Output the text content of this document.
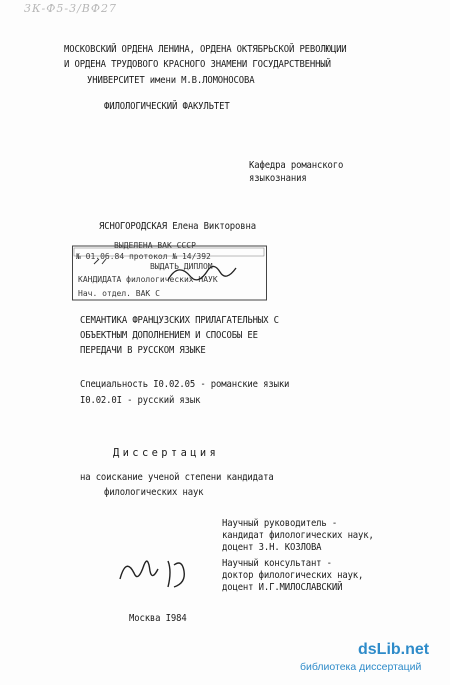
3К-Ф5-3/ВФ27
МОСКОВСКИЙ ОРДЕНА ЛЕНИНА, ОРДЕНА ОКТЯБРЬСКОЙ РЕВОЛЮЦИИ
И ОРДЕНА ТРУДОВОГО КРАСНОГО ЗНАМЕНИ ГОСУДАРСТВЕННЫЙ
УНИВЕРСИТЕТ имени М.В.ЛОМОНОСОВА
ФИЛОЛОГИЧЕСКИЙ ФАКУЛЬТЕТ
Кафедра романского
языкознания
ЯСНОГОРОДСКАЯ Елена Викторовна
ВЫДЕЛЕНА ВАК СССР
№ 01.06.84 протокол № 14/392
ВЫДАТЬ ДИПЛОМ
КАНДИДАТА филологических НАУК
Нач. отдел. ВАК С
СЕМАНТИКА ФРАНЦУЗСКИХ ПРИЛАГАТЕЛЬНЫХ С
ОБЪЕКТНЫМ ДОПОЛНЕНИЕМ И СПОСОБЫ ЕЕ
ПЕРЕДАЧИ В РУССКОМ ЯЗЫКЕ
Специальность I0.02.05 - романские языки
I0.02.0I - русский язык
Диссертация
на соискание ученой степени кандидата
филологических наук
Научный руководитель -
кандидат филологических наук,
доцент З.Н. КОЗЛОВА
Научный консультант -
доктор филологических наук,
доцент И.Г.МИЛОСЛАВСКИЙ
Москва I984
dsLib.net
библиотека диссертаций
